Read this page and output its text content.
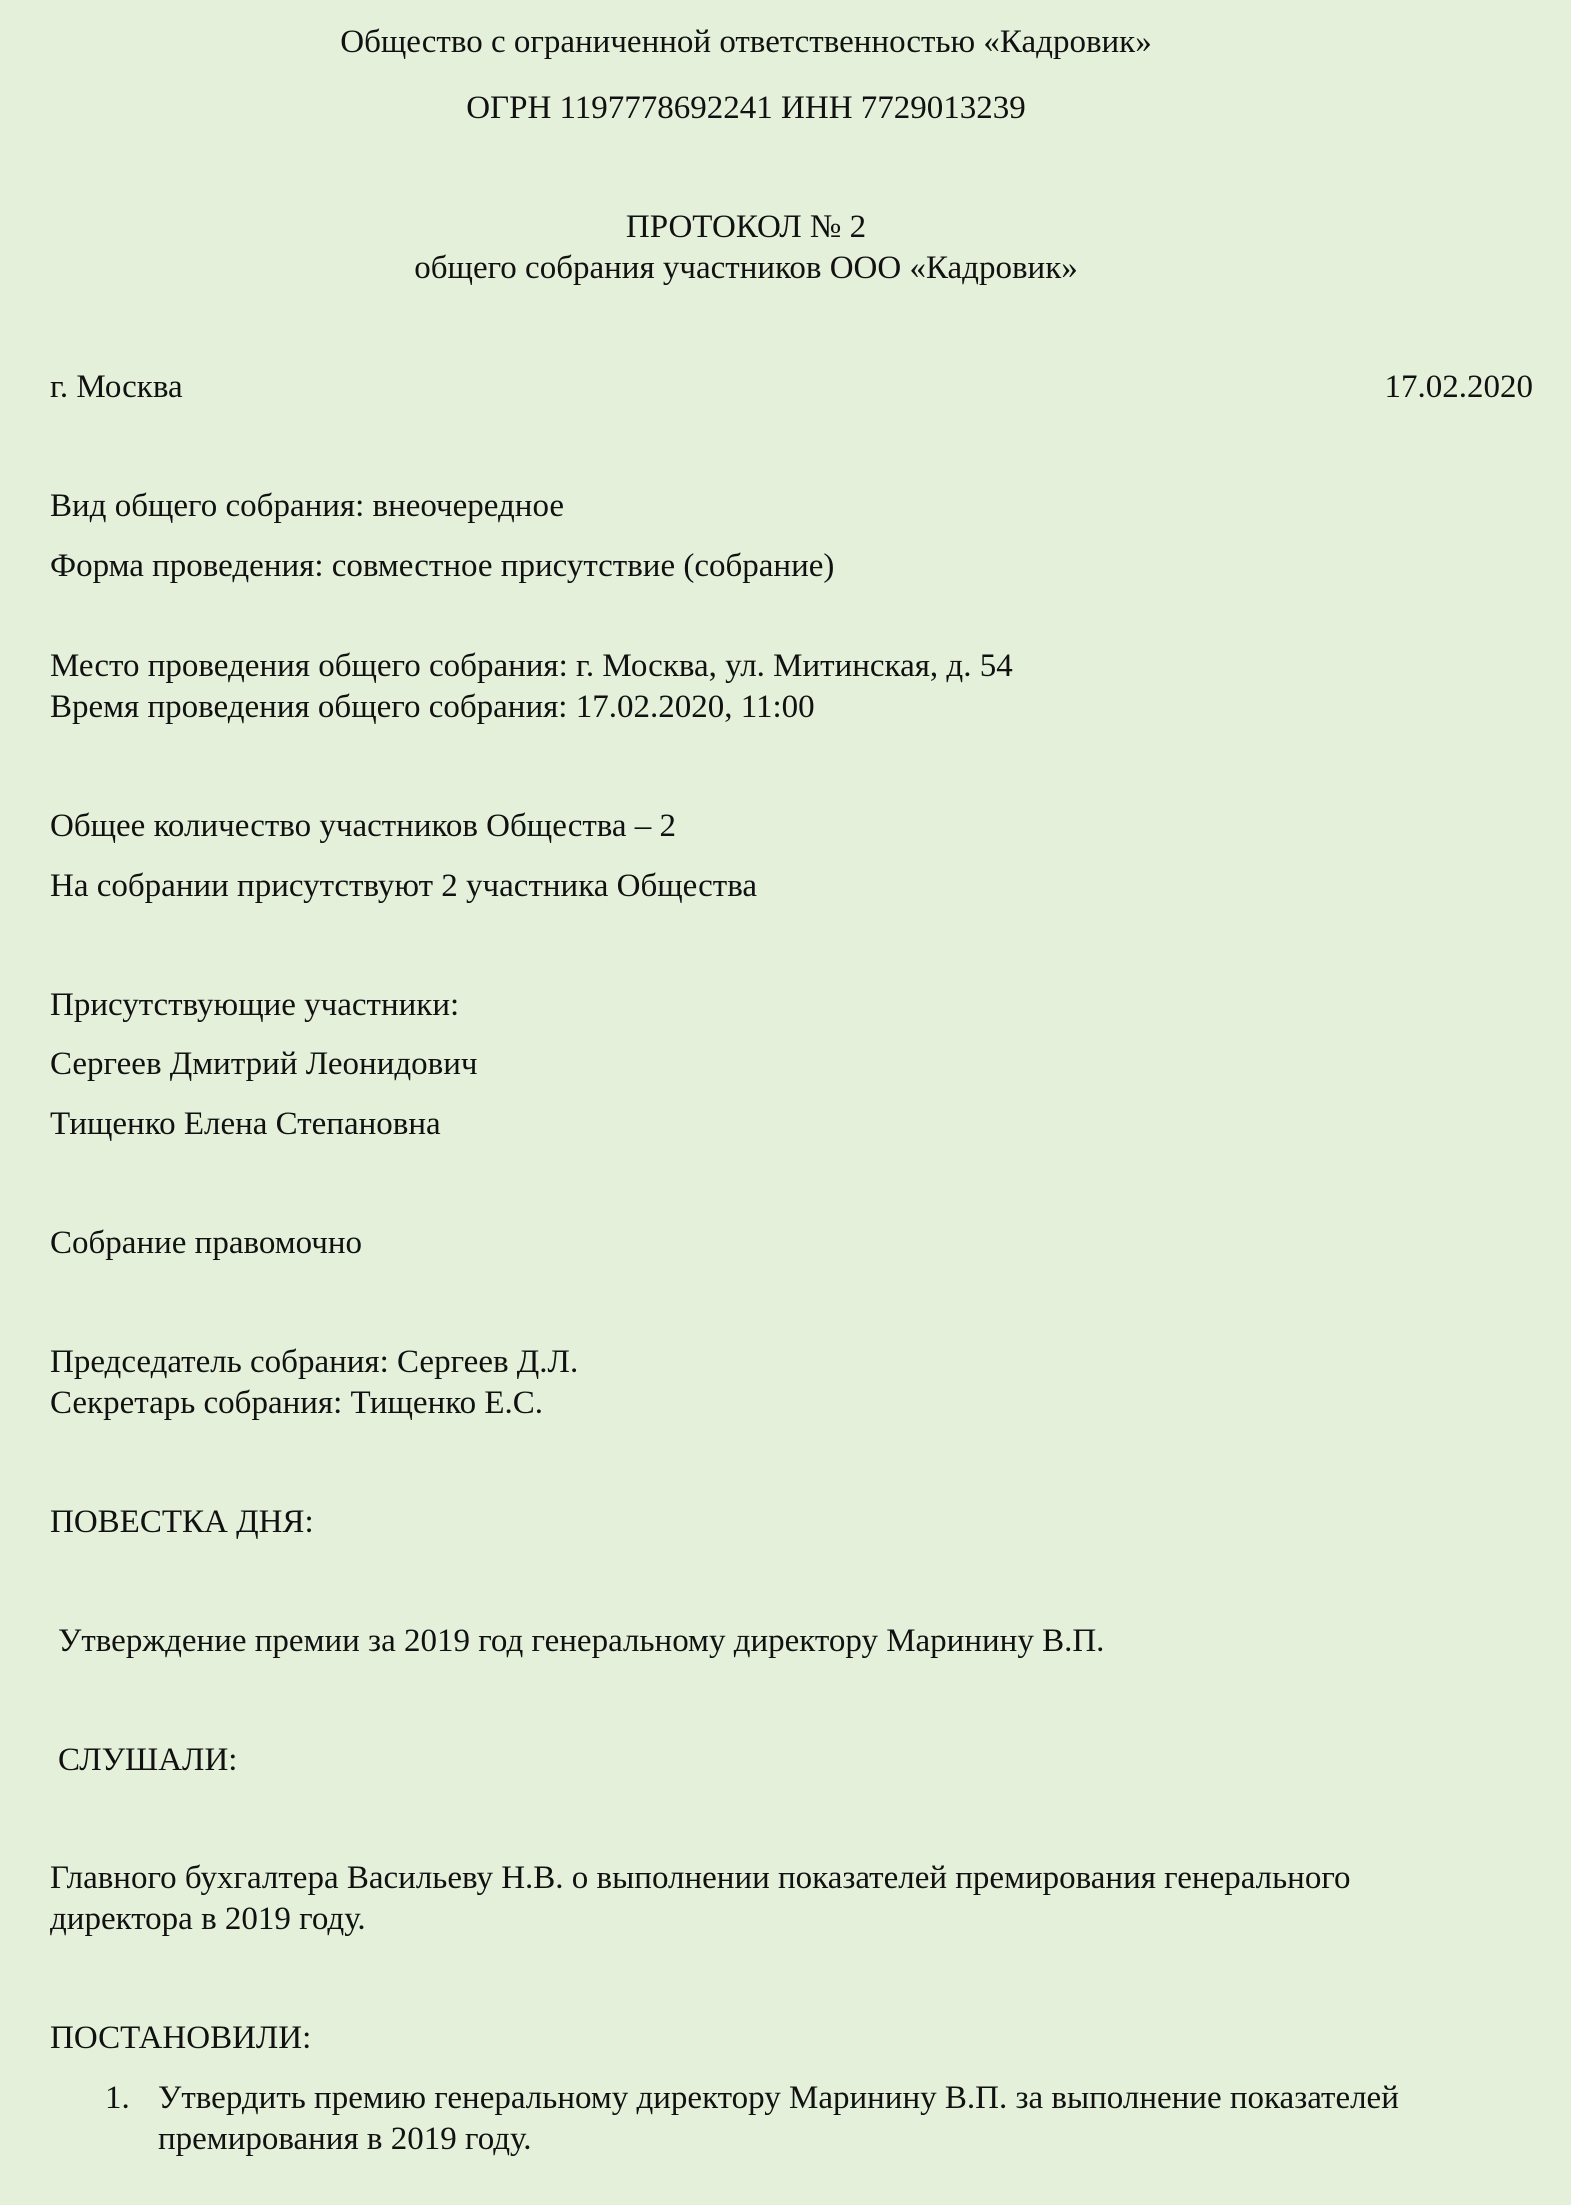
Общество с ограниченной ответственностью «Кадровик»
ОГРН 1197778692241 ИНН 7729013239
ПРОТОКОЛ № 2
общего собрания участников ООО «Кадровик»
г. Москва	17.02.2020
Вид общего собрания: внеочередное
Форма проведения: совместное присутствие (собрание)
Место проведения общего собрания: г. Москва, ул. Митинская, д. 54
Время проведения общего собрания: 17.02.2020, 11:00
Общее количество участников Общества – 2
На собрании присутствуют 2 участника Общества
Присутствующие участники:
Сергеев Дмитрий Леонидович
Тищенко Елена Степановна
Собрание правомочно
Председатель собрания: Сергеев Д.Л.
Секретарь собрания: Тищенко Е.С.
ПОВЕСТКА ДНЯ:
Утверждение премии за 2019 год генеральному директору Маринину В.П.
СЛУШАЛИ:
Главного бухгалтера Васильеву Н.В. о выполнении показателей премирования генерального
директора в 2019 году.
ПОСТАНОВИЛИ:
1. Утвердить премию генеральному директору Маринину В.П. за выполнение показателей
премирования в 2019 году.
